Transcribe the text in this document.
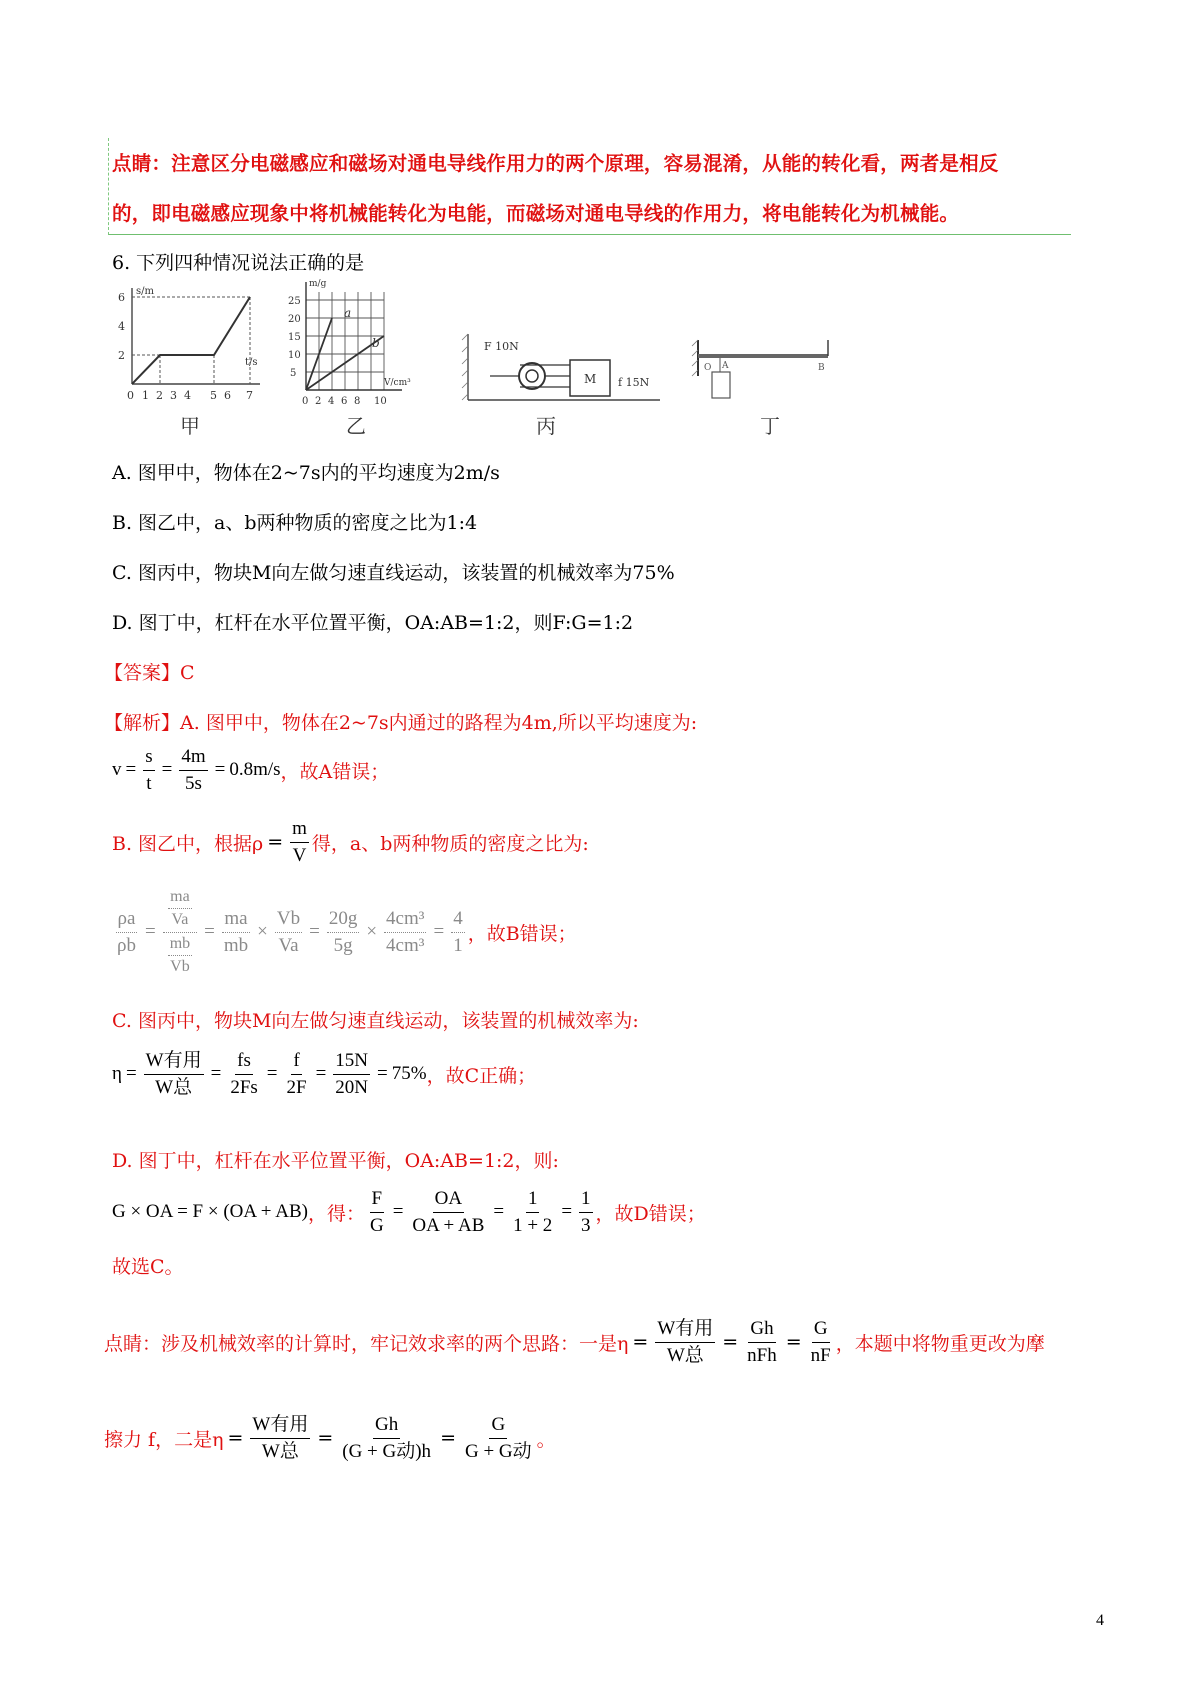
点睛：注意区分电磁感应和磁场对通电导线作用力的两个原理，容易混淆，从能的转化看，两者是相反
的，即电磁感应现象中将机械能转化为电能，而磁场对通电导线的作用力，将电能转化为机械能。
6. 下列四种情况说法正确的是
s/m
t/s
2
4
6
0 1 2 3 4 5 6 7
甲
a
b
m/g
V/cm³
5
10
15
20
25
0 2 4 6 8 10
乙
M
F 10N
f 15N
丙
O A	B
丁
A. 图甲中，物体在2~7s内的平均速度为2m/s
B. 图乙中，a、b两种物质的密度之比为1:4
C. 图丙中，物块M向左做匀速直线运动，该装置的机械效率为75%
D. 图丁中，杠杆在水平位置平衡，OA:AB=1:2，则F:G=1:2
【答案】C
【解析】A. 图甲中，物体在2~7s内通过的路程为4m,所以平均速度为:
$v = \frac{s}{t} = \frac{4m}{5s} = 0.8m/s$ ，故A错误；
B. 图乙中，根据$\rho = \frac{m}{V}$ 得，a、b两种物质的密度之比为:
$\frac{\rho a}{\rho b} = \frac{\frac{ma}{Va}}{\frac{mb}{Vb}} = \frac{ma}{mb} \times \frac{Vb}{Va} = \frac{20g}{5g} \times \frac{\text{4cm³}}{\text{4cm³}} = \frac{4}{1}$ ，故B错误；
C. 图丙中，物块M向左做匀速直线运动，该装置的机械效率为:
$\eta = \frac{\text{W有用}}{\text{W总}} = \frac{fs}{2Fs} = \frac{f}{2F} = \frac{15N}{20N} = 75\%$ ，故C正确；
D. 图丁中，杠杆在水平位置平衡，OA:AB=1:2，则:
G × OA = F × (OA + AB) ，得： $\frac{F}{G} = \frac{OA}{OA + AB} = \frac{1}{1 + 2} = \frac{1}{3}$ ，故D错误；
故选C。
点睛：涉及机械效率的计算时，牢记效求率的两个思路：一是$\eta = \frac{\text{W有用}}{\text{W总}} = \frac{Gh}{\text{nFh}} = \frac{G}{nF}$ ，本题中将物重更改为摩
擦力 f，二是$\eta = \frac{\text{W有用}}{\text{W总}} = \frac{Gh}{\text{(G + G动)h}} = \frac{G}{\text{G + G动}}$ 。
4
